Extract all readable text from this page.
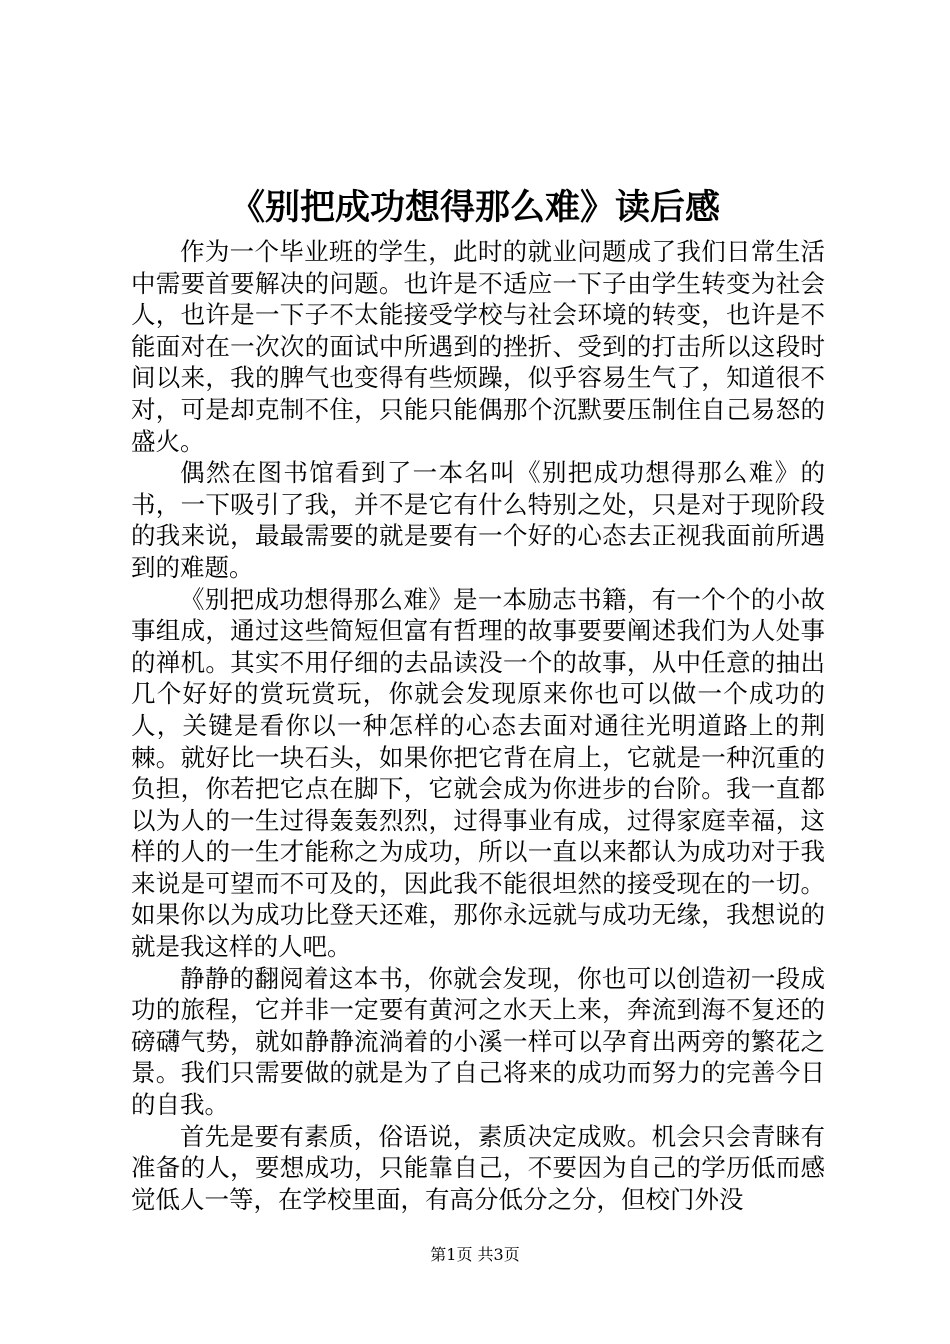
《别把成功想得那么难》读后感

作为一个毕业班的学生，此时的就业问题成了我们日常生活中需要首要解决的问题。也许是不适应一下子由学生转变为社会人，也许是一下子不太能接受学校与社会环境的转变，也许是不能面对在一次次的面试中所遇到的挫折、受到的打击所以这段时间以来，我的脾气也变得有些烦躁，似乎容易生气了，知道很不对，可是却克制不住，只能只能偶那个沉默要压制住自己易怒的盛火。

偶然在图书馆看到了一本名叫《别把成功想得那么难》的书，一下吸引了我，并不是它有什么特别之处，只是对于现阶段的我来说，最最需要的就是要有一个好的心态去正视我面前所遇到的难题。

《别把成功想得那么难》是一本励志书籍，有一个个的小故事组成，通过这些简短但富有哲理的故事要要阐述我们为人处事的禅机。其实不用仔细的去品读没一个的故事，从中任意的抽出几个好好的赏玩赏玩，你就会发现原来你也可以做一个成功的人，关键是看你以一种怎样的心态去面对通往光明道路上的荆棘。就好比一块石头，如果你把它背在肩上，它就是一种沉重的负担，你若把它点在脚下，它就会成为你进步的台阶。我一直都以为人的一生过得轰轰烈烈，过得事业有成，过得家庭幸福，这样的人的一生才能称之为成功，所以一直以来都认为成功对于我来说是可望而不可及的，因此我不能很坦然的接受现在的一切。如果你以为成功比登天还难，那你永远就与成功无缘，我想说的就是我这样的人吧。

静静的翻阅着这本书，你就会发现，你也可以创造初一段成功的旅程，它并非一定要有黄河之水天上来，奔流到海不复还的磅礴气势，就如静静流淌着的小溪一样可以孕育出两旁的繁花之景。我们只需要做的就是为了自己将来的成功而努力的完善今日的自我。

首先是要有素质，俗语说，素质决定成败。机会只会青睐有准备的人，要想成功，只能靠自己，不要因为自己的学历低而感觉低人一等，在学校里面，有高分低分之分，但校门外没

第1页 共3页
